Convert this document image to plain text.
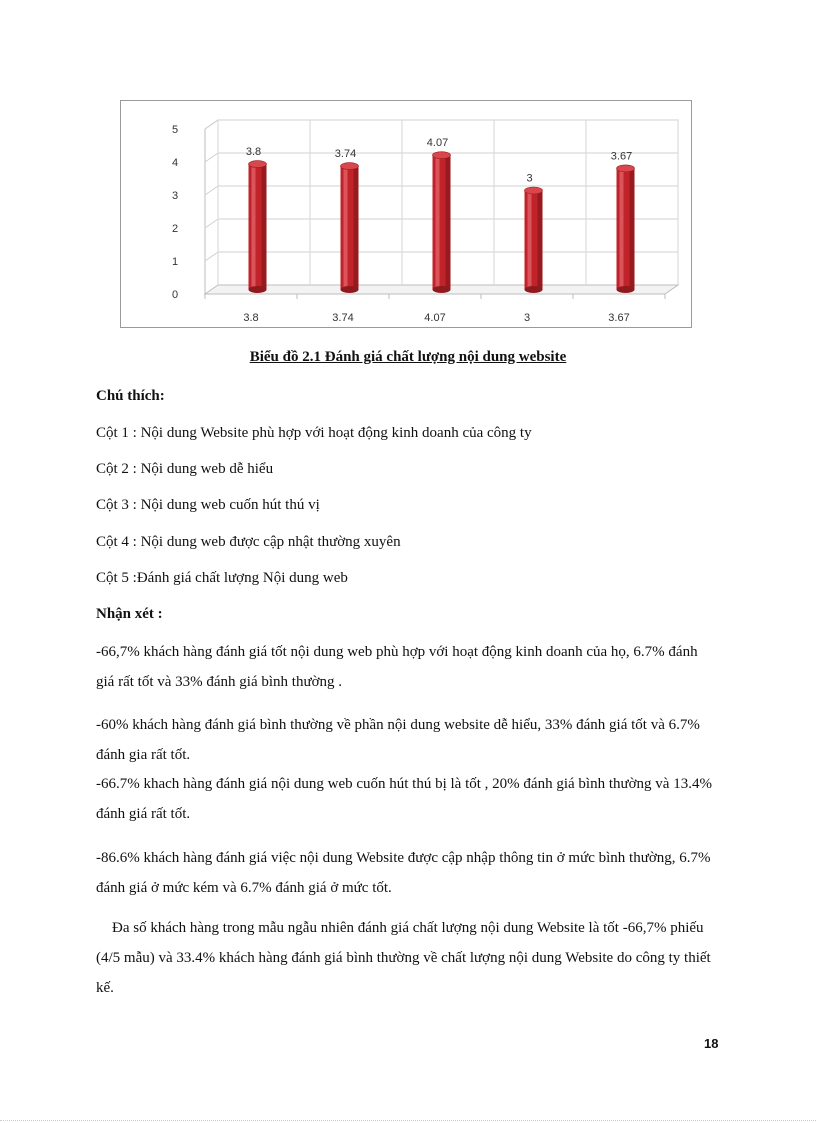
0
1
2
3
4
5
3.8
3.8
3.74
3.74
4.07
4.07
3
3
3.67
3.67
Biểu đồ 2.1 Đánh giá chất lượng nội dung website
Chú thích:
Cột 1 : Nội dung Website phù hợp với hoạt động kinh doanh của công ty
Cột 2 : Nội dung web dễ hiểu
Cột 3 : Nội dung web cuốn hút thú vị
Cột 4 : Nội dung web được cập nhật thường xuyên
Cột 5 :Đánh giá chất lượng Nội dung web
Nhận xét :

-66,7% khách hàng đánh giá tốt nội dung web phù hợp với hoạt động kinh doanh của họ, 6.7% đánh giá rất tốt và 33% đánh giá bình thường .

-60% khách hàng đánh giá bình thường về phần nội dung website dễ hiểu, 33% đánh giá tốt và 6.7% đánh gia rất tốt.

-66.7% khach hàng đánh giá nội dung web cuốn hút thú bị là tốt , 20% đánh giá bình thường và 13.4% đánh giá rất tốt.

-86.6% khách hàng đánh giá việc nội dung Website được cập nhập thông tin ở mức bình thường, 6.7% đánh giá ở mức kém và 6.7% đánh giá ở mức tốt.

Đa số khách hàng trong mẫu ngẫu nhiên đánh giá chất lượng nội dung Website là tốt -66,7% phiếu (4/5 mẫu) và 33.4% khách hàng đánh giá bình thường về chất lượng nội dung Website do công ty thiết kế.

18
